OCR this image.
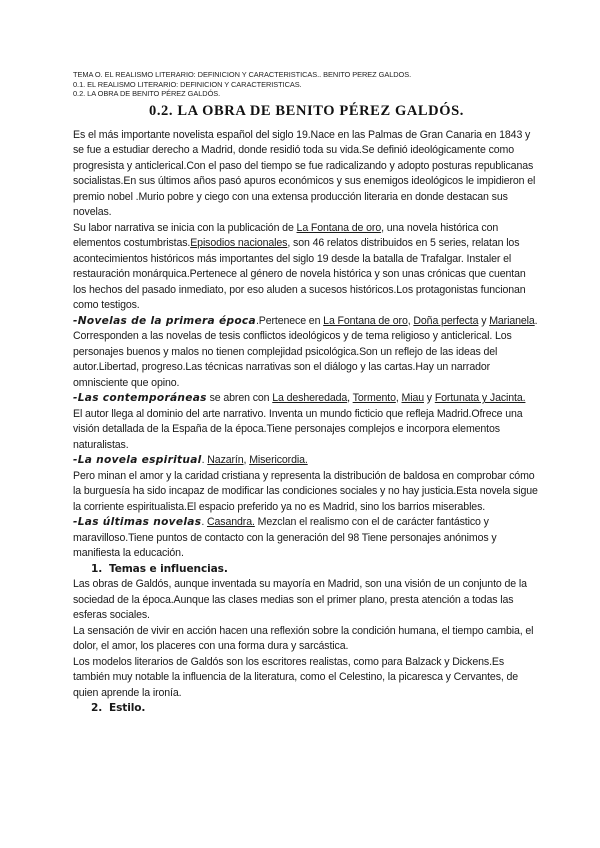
TEMA O. EL REALISMO LITERARIO: DEFINICION Y CARACTERISTICAS.. BENITO PEREZ GALDOS.
0.1. EL REALISMO LITERARIO: DEFINICION Y CARACTERISTICAS.
0.2. LA OBRA DE BENITO PÉREZ GALDÓS.
0.2. LA OBRA DE BENITO PÉREZ GALDÓS.

Es el más importante novelista español del siglo 19.Nace en las Palmas de Gran Canaria en 1843 y se fue a estudiar derecho a Madrid, donde residió toda su vida.Se definió ideológicamente como progresista y anticlerical.Con el paso del tiempo se fue radicalizando y adopto posturas republicanas socialistas.En sus últimos años pasó apuros económicos y sus enemigos ideológicos le impidieron el premio nobel .Murio pobre y ciego con una extensa producción literaria en donde destacan sus novelas.

Su labor narrativa se inicia con la publicación de La Fontana de oro, una novela histórica con elementos costumbristas.Episodios nacionales, son 46 relatos distribuidos en 5 series, relatan los acontecimientos históricos más importantes del siglo 19 desde la batalla de Trafalgar. Instaler el restauración monárquica.Pertenece al género de novela histórica y son unas crónicas que cuentan los hechos del pasado inmediato, por eso aluden a sucesos históricos.Los protagonistas funcionan como testigos.

-Novelas de la primera época.Pertenece en La Fontana de oro, Doña perfecta y Marianela.

Corresponden a las novelas de tesis conflictos ideológicos y de tema religioso y anticlerical. Los personajes buenos y malos no tienen complejidad psicológica.Son un reflejo de las ideas del autor.Libertad, progreso.Las técnicas narrativas son el diálogo y las cartas.Hay un narrador omnisciente que opino.

-Las contemporáneas se abren con La desheredada, Tormento, Miau y Fortunata y Jacinta.

El autor llega al dominio del arte narrativo. Inventa un mundo ficticio que refleja Madrid.Ofrece una visión detallada de la España de la época.Tiene personajes complejos e incorpora elementos naturalistas.

-La novela espiritual. Nazarín, Misericordia.

Pero minan el amor y la caridad cristiana y representa la distribución de baldosa en comprobar cómo la burguesía ha sido incapaz de modificar las condiciones sociales y no hay justicia.Esta novela sigue la corriente espiritualista.El espacio preferido ya no es Madrid, sino los barrios miserables.

-Las últimas novelas. Casandra. Mezclan el realismo con el de carácter fantástico y maravilloso.Tiene puntos de contacto con la generación del 98 Tiene personajes anónimos y manifiesta la educación.

1. Temas e influencias.

Las obras de Galdós, aunque inventada su mayoría en Madrid, son una visión de un conjunto de la sociedad de la época.Aunque las clases medias son el primer plano, presta atención a todas las esferas sociales.

La sensación de vivir en acción hacen una reflexión sobre la condición humana, el tiempo cambia, el dolor, el amor, los placeres con una forma dura y sarcástica.

Los modelos literarios de Galdós son los escritores realistas, como para Balzack y Dickens.Es también muy notable la influencia de la literatura, como el Celestino, la picaresca y Cervantes, de quien aprende la ironía.

2. Estilo.
